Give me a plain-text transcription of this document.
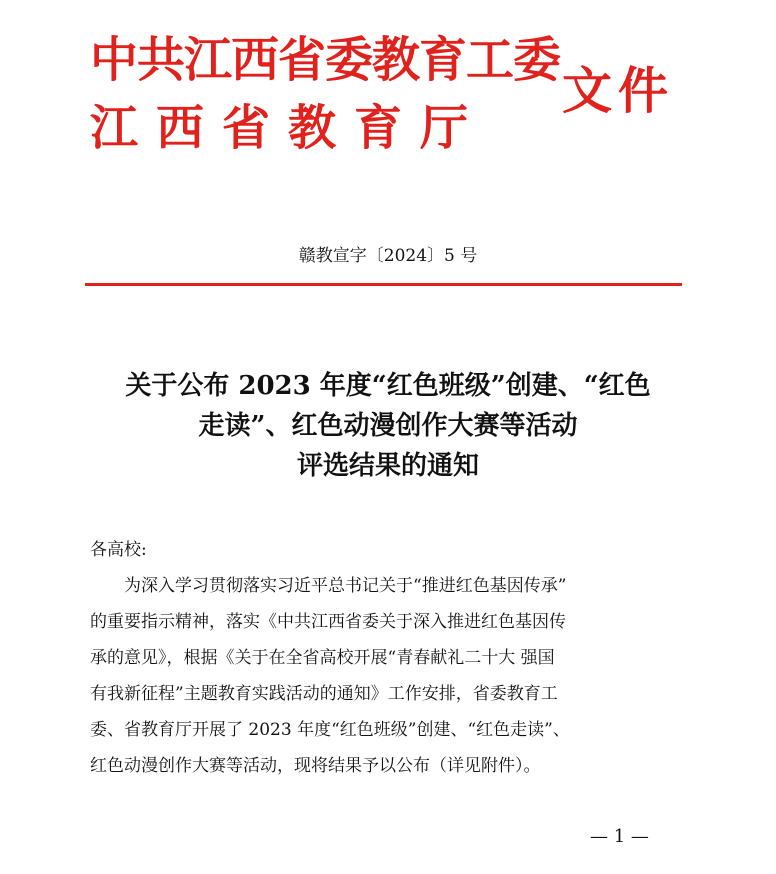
中共江西省委教育工委
江西省教育厅
文件
赣教宣字〔2024〕5 号
关于公布 2023 年度“红色班级”创建、“红色
走读”、红色动漫创作大赛等活动
评选结果的通知
各高校:
为深入学习贯彻落实习近平总书记关于“推进红色基因传承”
的重要指示精神，落实《中共江西省委关于深入推进红色基因传
承的意见》，根据《关于在全省高校开展“青春献礼二十大 强国
有我新征程”主题教育实践活动的通知》工作安排，省委教育工
委、省教育厅开展了 2023 年度“红色班级”创建、“红色走读”、
红色动漫创作大赛等活动，现将结果予以公布（详见附件）。
— 1 —
